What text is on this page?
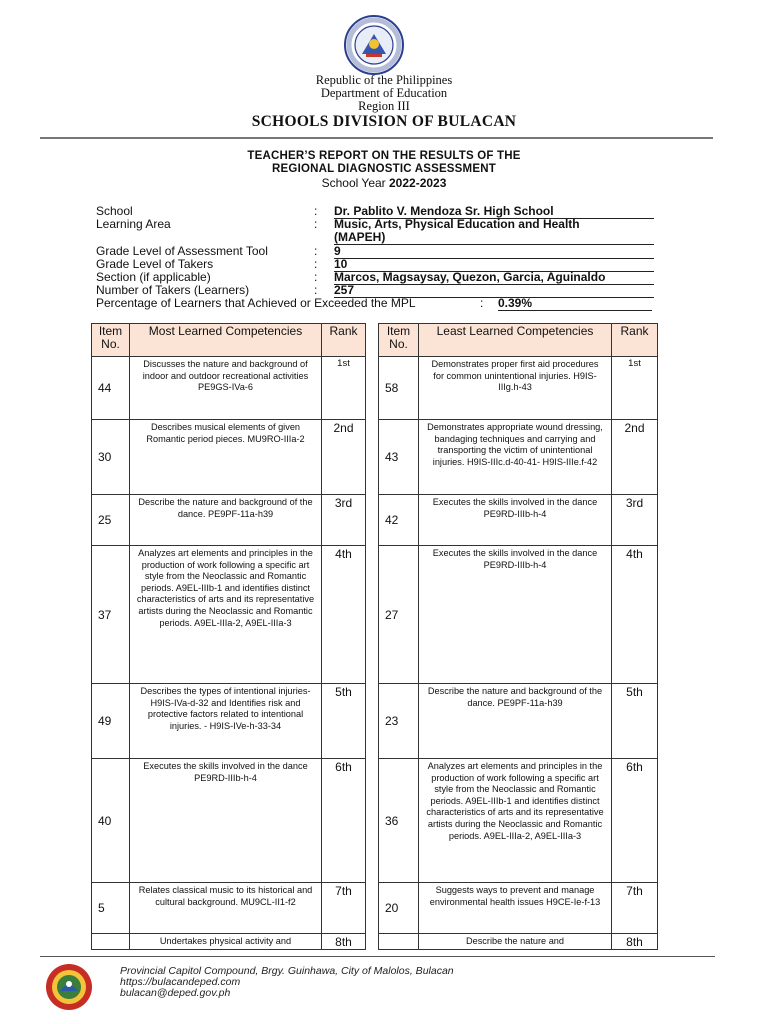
Republic of the Philippines
Department of Education
Region III
SCHOOLS DIVISION OF BULACAN
TEACHER’S REPORT ON THE RESULTS OF THE
REGIONAL DIAGNOSTIC ASSESSMENT
School Year 2022-2023
School	: Dr. Pablito V. Mendoza Sr. High School
Learning Area	: Music, Arts, Physical Education and Health
(MAPEH)
Grade Level of Assessment Tool	: 9
Grade Level of Takers	: 10
Section (if applicable)	: Marcos, Magsaysay, Quezon, Garcia, Aguinaldo
Number of Takers (Learners)	: 257
Percentage of Learners that Achieved or Exceeded the MPL	: 0.39%
Item No.	Most Learned Competencies	Rank
44	Discusses the nature and background of indoor and outdoor recreational activities PE9GS-IVa-6	1st
30	Describes musical elements of given Romantic period pieces. MU9RO-IIIa-2	2nd
25	Describe the nature and background of the dance. PE9PF-11a-h39	3rd
37	Analyzes art elements and principles in the production of work following a specific art style from the Neoclassic and Romantic periods. A9EL-IIIb-1 and identifies distinct characteristics of arts and its representative artists during the Neoclassic and Romantic periods. A9EL-IIIa-2, A9EL-IIIa-3	4th
49	Describes the types of intentional injuries- H9IS-IVa-d-32 and Identifies risk and protective factors related to intentional injuries. - H9IS-IVe-h-33-34	5th
40	Executes the skills involved in the dance PE9RD-IIIb-h-4	6th
5	Relates classical music to its historical and cultural background. MU9CL-II1-f2	7th
	Undertakes physical activity and	8th
Item No.	Least Learned Competencies	Rank
58	Demonstrates proper first aid procedures for common unintentional injuries. H9IS- IIIg.h-43	1st
43	Demonstrates appropriate wound dressing, bandaging techniques and carrying and transporting the victim of unintentional injuries. H9IS-IIIc.d-40-41- H9IS-IIIe.f-42	2nd
42	Executes the skills involved in the dance PE9RD-IIIb-h-4	3rd
27	Executes the skills involved in the dance PE9RD-IIIb-h-4	4th
23	Describe the nature and background of the dance. PE9PF-11a-h39	5th
36	Analyzes art elements and principles in the production of work following a specific art style from the Neoclassic and Romantic periods. A9EL-IIIb-1 and identifies distinct characteristics of arts and its representative artists during the Neoclassic and Romantic periods. A9EL-IIIa-2, A9EL-IIIa-3	6th
20	Suggests ways to prevent and manage environmental health issues H9CE-Ie-f-13	7th
	Describe the nature and	8th
Provincial Capitol Compound, Brgy. Guinhawa, City of Malolos, Bulacan
https://bulacandeped.com
bulacan@deped.gov.ph
